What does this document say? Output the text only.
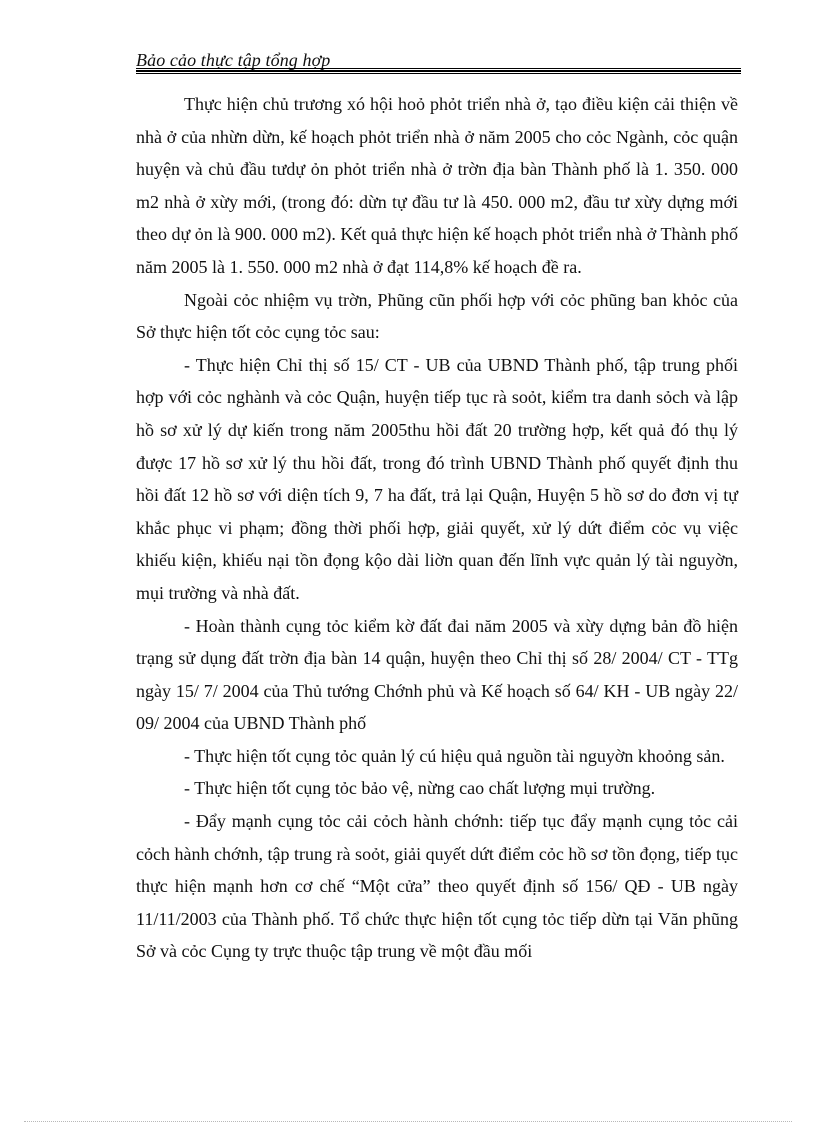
Bảo cảo thực tập tổng hợp

Thực hiện chủ trương xó hội hoỏ phỏt triển nhà ở, tạo điều kiện cải thiện về nhà ở của nhừn dừn, kế hoạch phỏt triển nhà ở năm 2005 cho cỏc Ngành, cỏc quận huyện và chủ đầu tưdự ỏn phỏt triển nhà ở trờn địa bàn Thành phố là 1. 350. 000 m2 nhà ở xừy mới, (trong đó: dừn tự đầu tư là 450. 000 m2, đầu tư xừy dựng mới theo dự ỏn là 900. 000 m2). Kết quả thực hiện kế hoạch phỏt triển nhà ở Thành phố năm 2005 là 1. 550. 000 m2 nhà ở đạt 114,8% kế hoạch đề ra.

Ngoài cỏc nhiệm vụ trờn, Phũng cũn phối hợp với cỏc phũng ban khỏc của Sở thực hiện tốt cỏc cụng tỏc sau:

- Thực hiện Chỉ thị số 15/ CT - UB của UBND Thành phố, tập trung phối hợp với cỏc nghành và cỏc Quận, huyện tiếp tục rà soỏt, kiểm tra danh sỏch và lập hồ sơ xử lý dự kiến trong năm 2005thu hồi đất 20 trường hợp, kết quả đó thụ lý được 17 hồ sơ xử lý thu hồi đất, trong đó trình UBND Thành phố quyết định thu hồi đất 12 hồ sơ với diện tích 9, 7 ha đất, trả lại Quận, Huyện 5 hồ sơ do đơn vị tự khắc phục vi phạm; đồng thời phối hợp, giải quyết, xử lý dứt điểm cỏc vụ việc khiếu kiện, khiếu nại tồn đọng kộo dài liờn quan đến lĩnh vực quản lý tài nguyờn, mụi trường và nhà đất.

- Hoàn thành cụng tỏc kiểm kờ đất đai năm 2005 và xừy dựng bản đồ hiện trạng sử dụng đất trờn địa bàn 14 quận, huyện theo Chỉ thị số 28/ 2004/ CT - TTg ngày 15/ 7/ 2004 của Thủ tướng Chớnh phủ và Kế hoạch số 64/ KH - UB ngày 22/ 09/ 2004 của UBND Thành phố

- Thực hiện tốt cụng tỏc quản lý cú hiệu quả nguồn tài nguyờn khoỏng sản.

- Thực hiện tốt cụng tỏc bảo vệ, nừng cao chất lượng mụi trường.

- Đẩy mạnh cụng tỏc cải cỏch hành chớnh: tiếp tục đẩy mạnh cụng tỏc cải cỏch hành chớnh, tập trung rà soỏt, giải quyết dứt điểm cỏc hồ sơ tồn đọng, tiếp tục thực hiện mạnh hơn cơ chế “Một cửa” theo quyết định số 156/ QĐ - UB ngày 11/11/2003 của Thành phố. Tổ chức thực hiện tốt cụng tỏc tiếp dừn tại Văn phũng Sở và cỏc Cụng ty trực thuộc tập trung về một đầu mối
